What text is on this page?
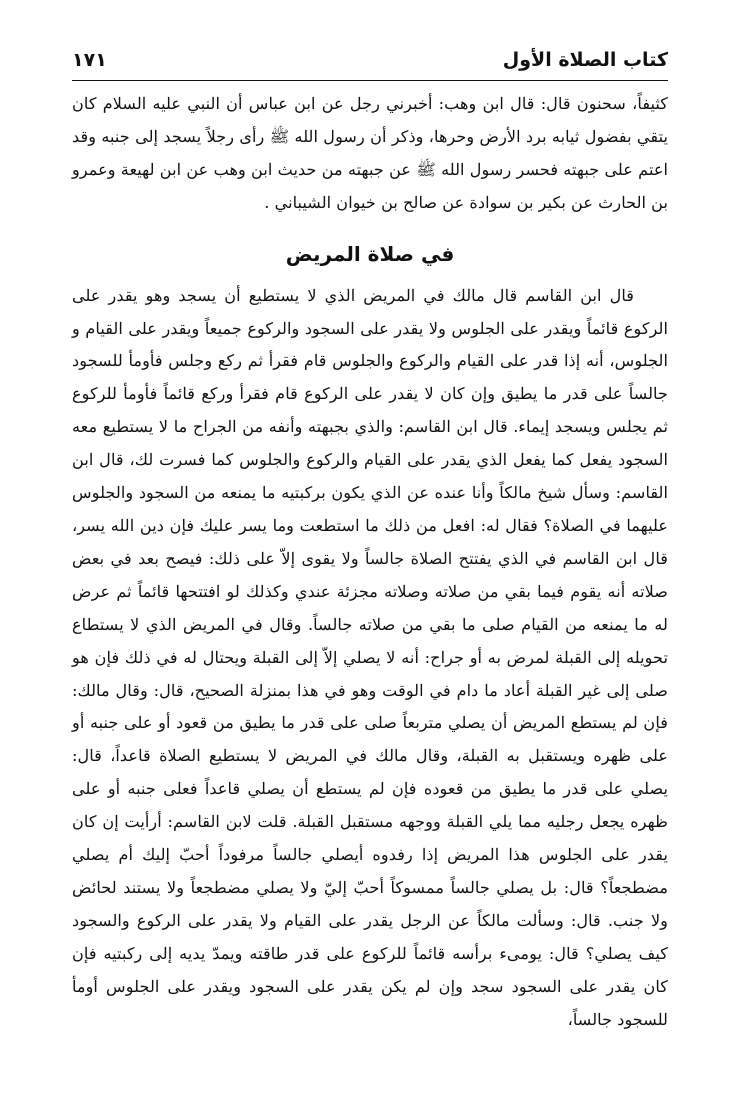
كتاب الصلاة الأول
١٧١

كثيفاً، سحنون قال: قال ابن وهب: أخبرني رجل عن ابن عباس أن النبي عليه السلام كان يتقي بفضول ثيابه برد الأرض وحرها، وذكر أن رسول الله ﷺ رأى رجلاً يسجد إلى جنبه وقد اعتم على جبهته فحسر رسول الله ﷺ عن جبهته من حديث ابن وهب عن ابن لهيعة وعمرو بن الحارث عن بكير بن سوادة عن صالح بن خيوان الشيباني .

في صلاة المريض

قال ابن القاسم قال مالك في المريض الذي لا يستطيع أن يسجد وهو يقدر على الركوع قائماً ويقدر على الجلوس ولا يقدر على السجود والركوع جميعاً ويقدر على القيام و الجلوس، أنه إذا قدر على القيام والركوع والجلوس قام فقرأ ثم ركع وجلس فأومأ للسجود جالساً على قدر ما يطيق وإن كان لا يقدر على الركوع قام فقرأ وركع قائماً فأومأ للركوع ثم يجلس ويسجد إيماء. قال ابن القاسم: والذي بجبهته وأنفه من الجراح ما لا يستطيع معه السجود يفعل كما يفعل الذي يقدر على القيام والركوع والجلوس كما فسرت لك، قال ابن القاسم: وسأل شيخ مالكاً وأنا عنده عن الذي يكون بركبتيه ما يمنعه من السجود والجلوس عليهما في الصلاة؟ فقال له: افعل من ذلك ما استطعت وما يسر عليك فإن دين الله يسر، قال ابن القاسم في الذي يفتتح الصلاة جالساً ولا يقوى إلاّ على ذلك: فيصح بعد في بعض صلاته أنه يقوم فيما بقي من صلاته وصلاته مجزئة عندي وكذلك لو افتتحها قائماً ثم عرض له ما يمنعه من القيام صلى ما بقي من صلاته جالساً. وقال في المريض الذي لا يستطاع تحويله إلى القبلة لمرض به أو جراح: أنه لا يصلي إلاّ إلى القبلة ويحتال له في ذلك فإن هو صلى إلى غير القبلة أعاد ما دام في الوقت وهو في هذا بمنزلة الصحيح، قال: وقال مالك: فإن لم يستطع المريض أن يصلي متربعاً صلى على قدر ما يطيق من قعود أو على جنبه أو على ظهره ويستقبل به القبلة، وقال مالك في المريض لا يستطيع الصلاة قاعداً، قال: يصلي على قدر ما يطيق من قعوده فإن لم يستطع أن يصلي قاعداً فعلى جنبه أو على ظهره يجعل رجليه مما يلي القبلة ووجهه مستقبل القبلة. قلت لابن القاسم: أرأيت إن كان يقدر على الجلوس هذا المريض إذا رفدوه أيصلي جالساً مرفوداً أحبّ إليك أم يصلي مضطجعاً؟ قال: بل يصلي جالساً ممسوكاً أحبّ إليّ ولا يصلي مضطجعاً ولا يستند لحائض ولا جنب. قال: وسألت مالكاً عن الرجل يقدر على القيام ولا يقدر على الركوع والسجود كيف يصلي؟ قال: يومىء برأسه قائماً للركوع على قدر طاقته ويمدّ يديه إلى ركبتيه فإن كان يقدر على السجود سجد وإن لم يكن يقدر على السجود ويقدر على الجلوس أومأ للسجود جالساً،
